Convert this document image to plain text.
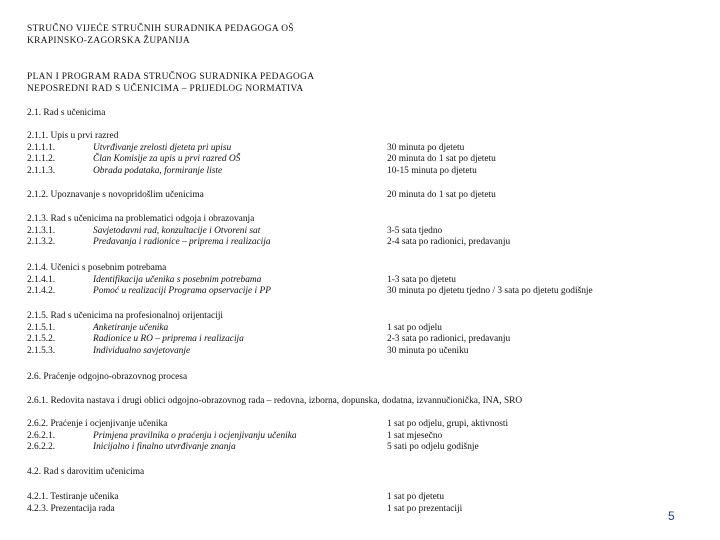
STRUČNO VIJEĆE STRUČNIH SURADNIKA PEDAGOGA OŠ
KRAPINSKO-ZAGORSKA ŽUPANIJA
PLAN I PROGRAM RADA STRUČNOG SURADNIKA PEDAGOGA
NEPOSREDNI RAD S UČENICIMA – PRIJEDLOG NORMATIVA
2.1. Rad s učenicima
2.1.1. Upis u prvi razred
2.1.1.1.	Utvrđivanje zrelosti djeteta pri upisu	30 minuta po djetetu
2.1.1.2.	Član Komisije za upis u prvi razred OŠ	20 minuta do 1 sat po djetetu
2.1.1.3.	Obrada podataka, formiranje liste	10-15 minuta po djetetu
2.1.2. Upoznavanje s novopridošlim učenicima	20 minuta do 1 sat po djetetu
2.1.3. Rad s učenicima na problematici odgoja i obrazovanja
2.1.3.1.	Savjetodavni rad, konzultacije i Otvoreni sat	3-5 sata tjedno
2.1.3.2.	Predavanja i radionice – priprema i realizacija	2-4 sata po radionici, predavanju
2.1.4. Učenici s posebnim potrebama
2.1.4.1.	Identifikacija učenika s posebnim potrebama	1-3 sata po djetetu
2.1.4.2.	Pomoć u realizaciji Programa opservacije i PP	30 minuta po djetetu tjedno / 3 sata po djetetu godišnje
2.1.5. Rad s učenicima na profesionalnoj orijentaciji
2.1.5.1.	Anketiranje učenika	1 sat po odjelu
2.1.5.2.	Radionice u RO – priprema i realizacija	2-3 sata po radionici, predavanju
2.1.5.3.	Individualno savjetovanje	30 minuta po učeniku
2.6. Praćenje odgojno-obrazovnog procesa
2.6.1. Redovita nastava i drugi oblici odgojno-obrazovnog rada – redovna, izborna, dopunska, dodatna, izvannučionička, INA, SRO
2.6.2. Praćenje i ocjenjivanje učenika	1 sat po odjelu, grupi, aktivnosti
2.6.2.1.	Primjena pravilnika o praćenju i ocjenjivanju učenika	1 sat mjesečno
2.6.2.2.	Inicijalno i finalno utvrđivanje znanja	5 sati po odjelu godišnje
4.2. Rad s darovitim učenicima
4.2.1. Testiranje učenika	1 sat po djetetu
4.2.3. Prezentacija rada	1 sat po prezentaciji
5
